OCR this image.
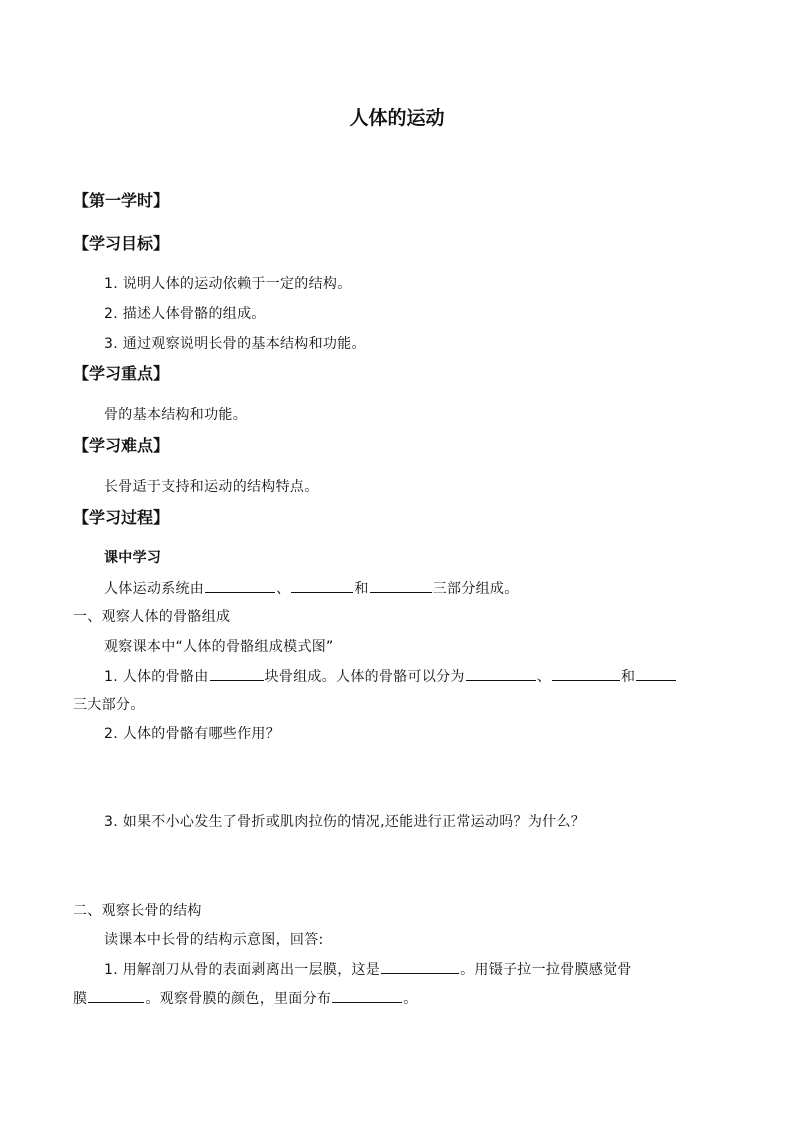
人体的运动
【第一学时】
【学习目标】
1. 说明人体的运动依赖于一定的结构。
2. 描述人体骨骼的组成。
3. 通过观察说明长骨的基本结构和功能。
【学习重点】
骨的基本结构和功能。
【学习难点】
长骨适于支持和运动的结构特点。
【学习过程】
课中学习
人体运动系统由	、	和	三部分组成。
一、观察人体的骨骼组成
观察课本中“人体的骨骼组成模式图”
1. 人体的骨骼由	块骨组成。人体的骨骼可以分为	、	和
三大部分。
2. 人体的骨骼有哪些作用？
3. 如果不小心发生了骨折或肌肉拉伤的情况,还能进行正常运动吗？为什么？
二、观察长骨的结构
读课本中长骨的结构示意图，回答:
1. 用解剖刀从骨的表面剥离出一层膜，这是	。用镊子拉一拉骨膜感觉骨
膜	。观察骨膜的颜色，里面分布	。
